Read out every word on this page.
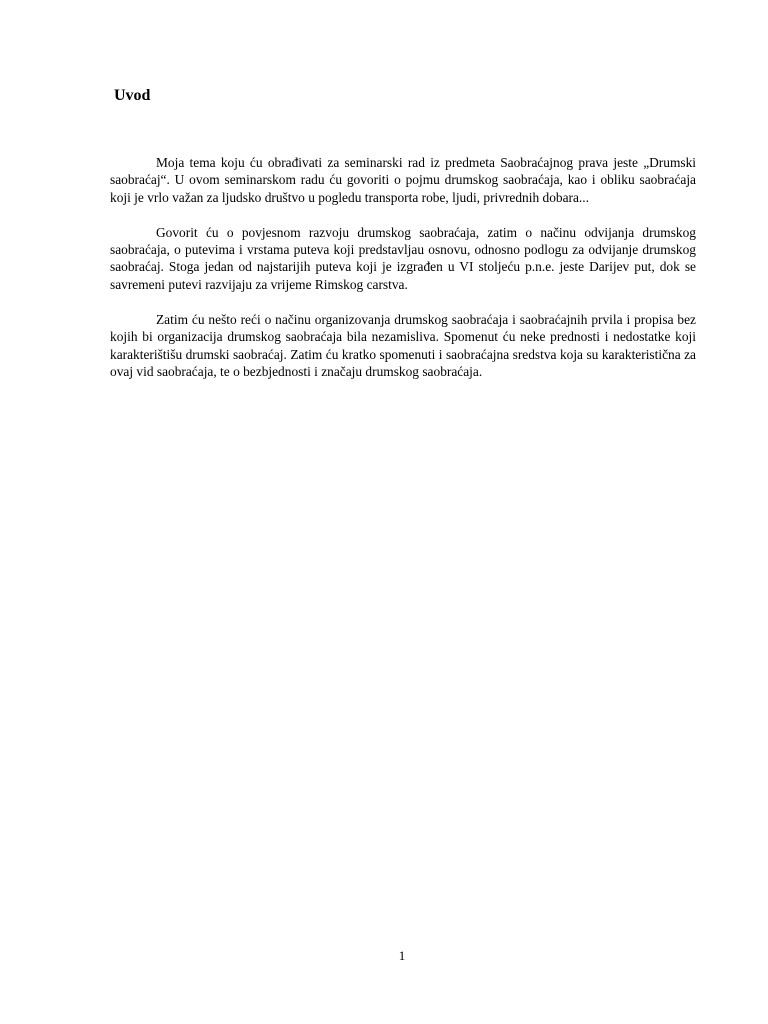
Uvod

Moja tema koju ću obrađivati za seminarski rad iz predmeta Saobraćajnog prava jeste „Drumski saobraćaj“. U ovom seminarskom radu ću govoriti o pojmu drumskog saobraćaja, kao i obliku saobraćaja koji je vrlo važan za ljudsko društvo u pogledu transporta robe, ljudi, privrednih dobara...

Govorit ću o povjesnom razvoju drumskog saobraćaja, zatim o načinu odvijanja drumskog saobraćaja, o putevima i vrstama puteva koji predstavljau osnovu, odnosno podlogu za odvijanje drumskog saobraćaj. Stoga jedan od najstarijih puteva koji je izgrađen u VI stoljeću p.n.e. jeste Darijev put, dok se savremeni putevi razvijaju za vrijeme Rimskog carstva.

Zatim ću nešto reći o načinu organizovanja drumskog saobraćaja i saobraćajnih prvila i propisa bez kojih bi organizacija drumskog saobraćaja bila nezamisliva. Spomenut ću neke prednosti i nedostatke koji karakterištišu drumski saobraćaj. Zatim ću kratko spomenuti i saobraćajna sredstva koja su karakteristična za ovaj vid saobraćaja, te o bezbjednosti i značaju drumskog saobraćaja.

1
